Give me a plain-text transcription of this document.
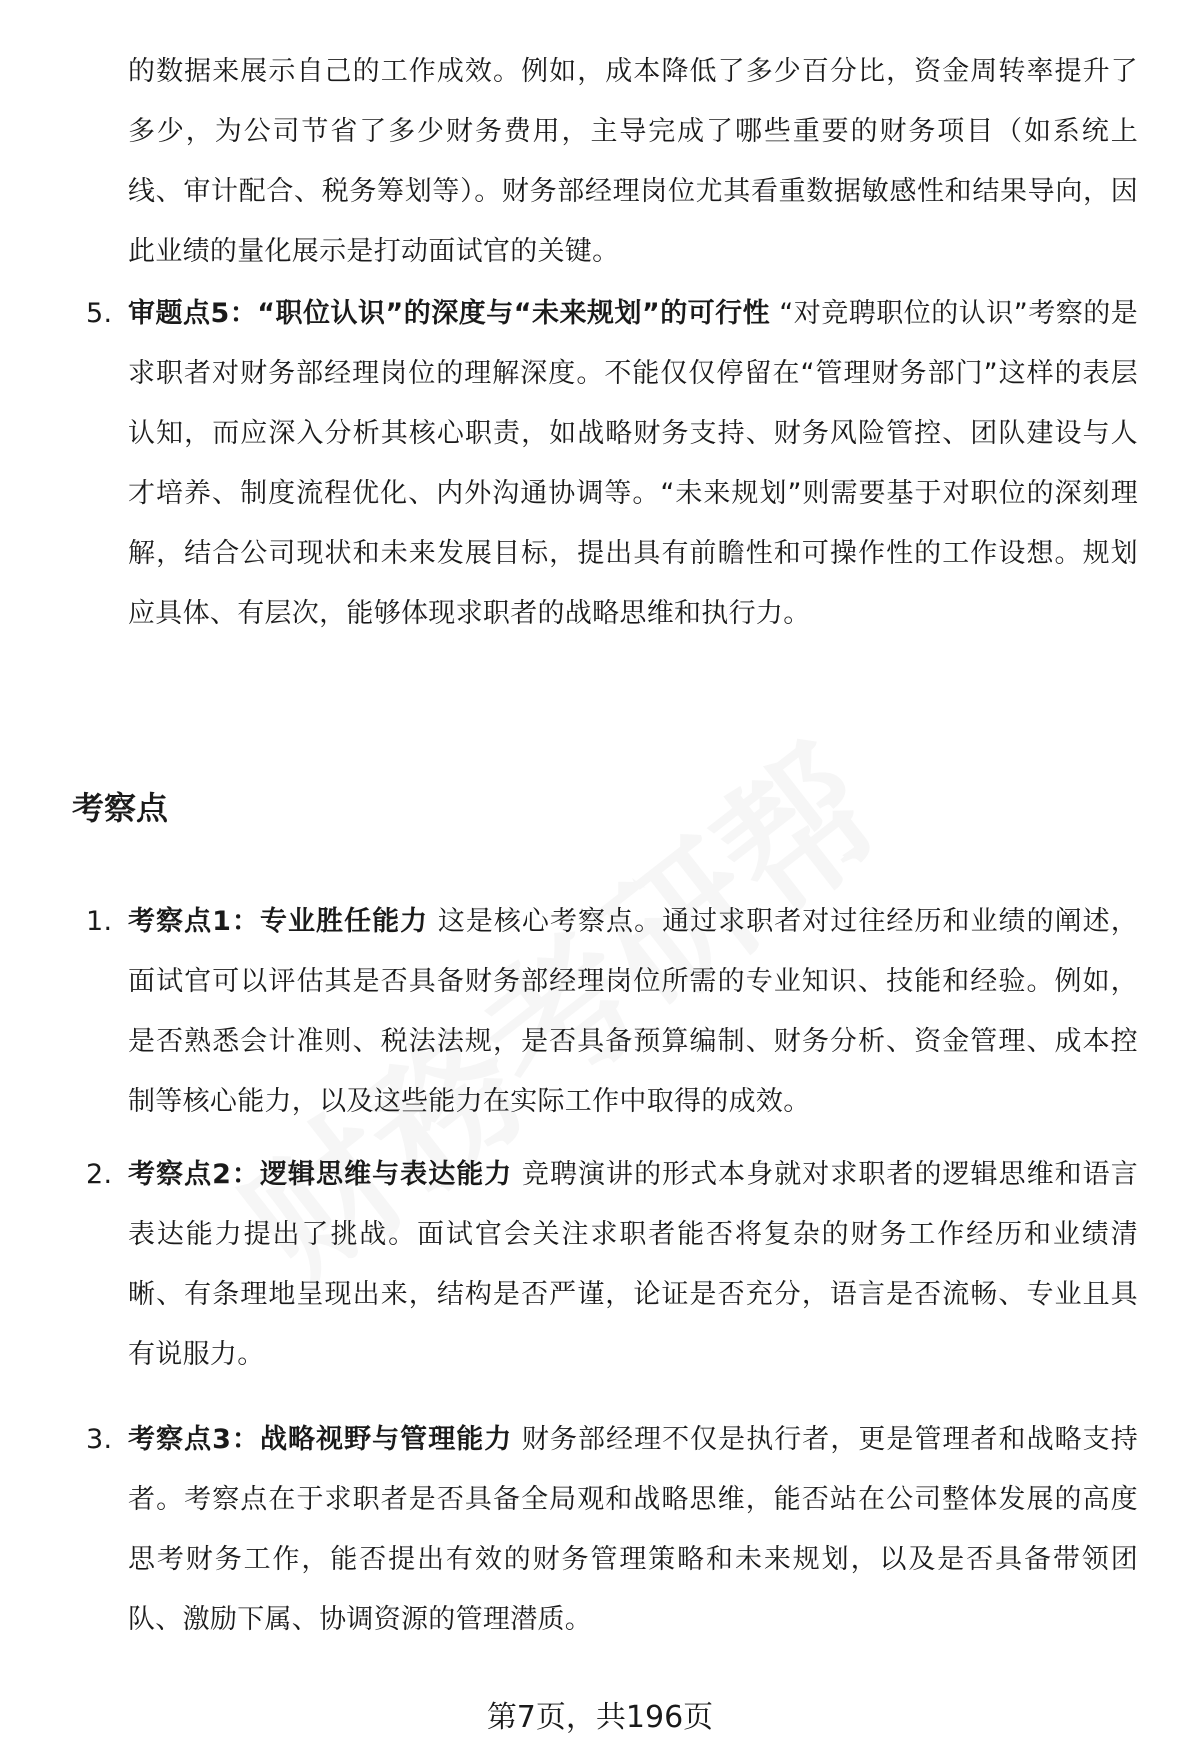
的数据来展示自己的工作成效。例如，成本降低了多少百分比，资金周转率提升了多少，为公司节省了多少财务费用，主导完成了哪些重要的财务项目（如系统上线、审计配合、税务筹划等）。财务部经理岗位尤其看重数据敏感性和结果导向，因此业绩的量化展示是打动面试官的关键。

5. 审题点5：“职位认识”的深度与“未来规划”的可行性 “对竞聘职位的认识”考察的是求职者对财务部经理岗位的理解深度。不能仅仅停留在“管理财务部门”这样的表层认知，而应深入分析其核心职责，如战略财务支持、财务风险管控、团队建设与人才培养、制度流程优化、内外沟通协调等。“未来规划”则需要基于对职位的深刻理解，结合公司现状和未来发展目标，提出具有前瞻性和可操作性的工作设想。规划应具体、有层次，能够体现求职者的战略思维和执行力。
考察点
1. 考察点1：专业胜任能力 这是核心考察点。通过求职者对过往经历和业绩的阐述，面试官可以评估其是否具备财务部经理岗位所需的专业知识、技能和经验。例如，是否熟悉会计准则、税法法规，是否具备预算编制、财务分析、资金管理、成本控制等核心能力，以及这些能力在实际工作中取得的成效。
2. 考察点2：逻辑思维与表达能力 竞聘演讲的形式本身就对求职者的逻辑思维和语言表达能力提出了挑战。面试官会关注求职者能否将复杂的财务工作经历和业绩清晰、有条理地呈现出来，结构是否严谨，论证是否充分，语言是否流畅、专业且具有说服力。
3. 考察点3：战略视野与管理能力 财务部经理不仅是执行者，更是管理者和战略支持者。考察点在于求职者是否具备全局观和战略思维，能否站在公司整体发展的高度思考财务工作，能否提出有效的财务管理策略和未来规划，以及是否具备带领团队、激励下属、协调资源的管理潜质。
第7页，共196页
